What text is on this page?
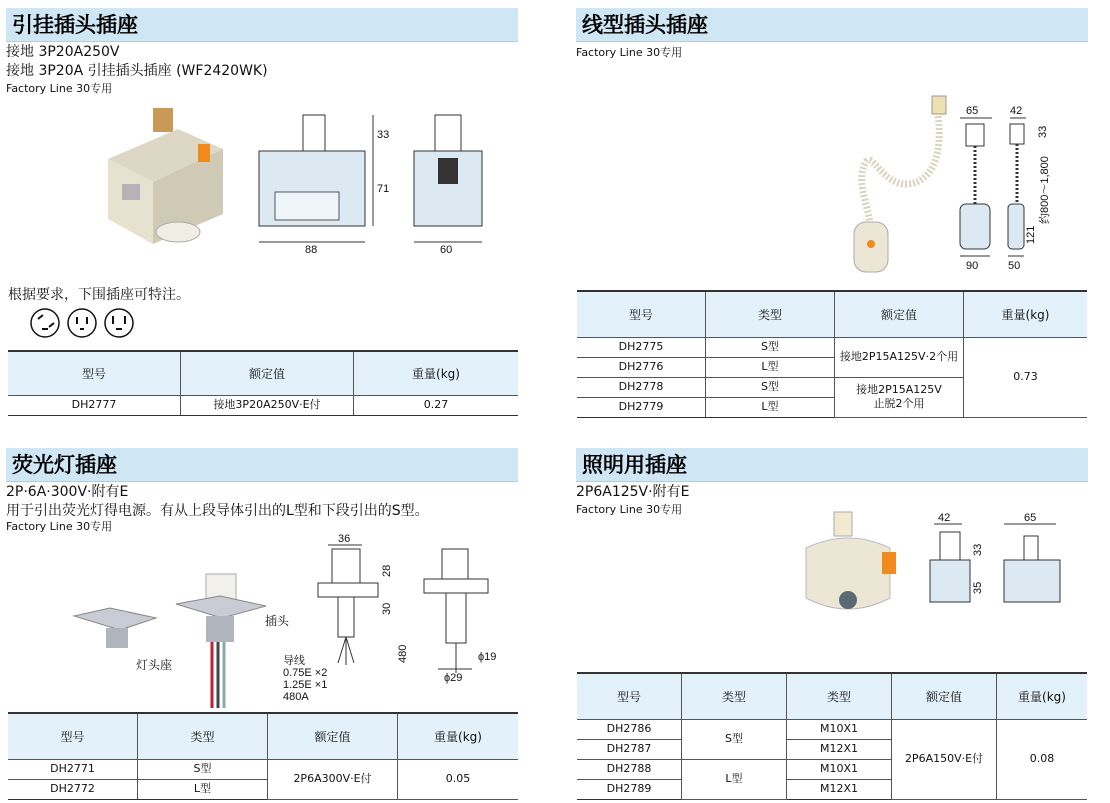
引挂插头插座
接地 3P20A250V
接地 3P20A 引挂插头插座 (WF2420WK)
Factory Line 30专用
33
71
88	60
根据要求，下围插座可特注。
型号	额定值	重量(kg)
DH2777	接地3P20A250V·E付	0.27
线型插头插座
Factory Line 30专用
65	42
33
约800～1,800
121
90	50
型号	类型	额定值	重量(kg)
DH2775	S型	接地2P15A125V·2个用	0.73
DH2776	L型		
DH2778	S型	接地2P15A125V
止脱2个用	

DH2779	L型		
荧光灯插座
2P·6A·300V·附有E
用于引出荧光灯得电源。有从上段导体引出的L型和下段引出的S型。
Factory Line 30专用
插头
灯头座
36
28
30
480	ϕ19
ϕ29
导线
0.75E ×2
1.25E ×1
480A
型号	类型	额定值	重量(kg)
DH2771	S型	2P6A300V·E付	0.05
DH2772	L型		
照明用插座
2P6A125V·附有E
Factory Line 30专用
42
33
35
65
型号	类型	类型	额定值	重量(kg)
DH2786	S型	M10X1	2P6A150V·E付	0.08
DH2787		M12X1		
DH2788	L型	M10X1		
DH2789		M12X1		
